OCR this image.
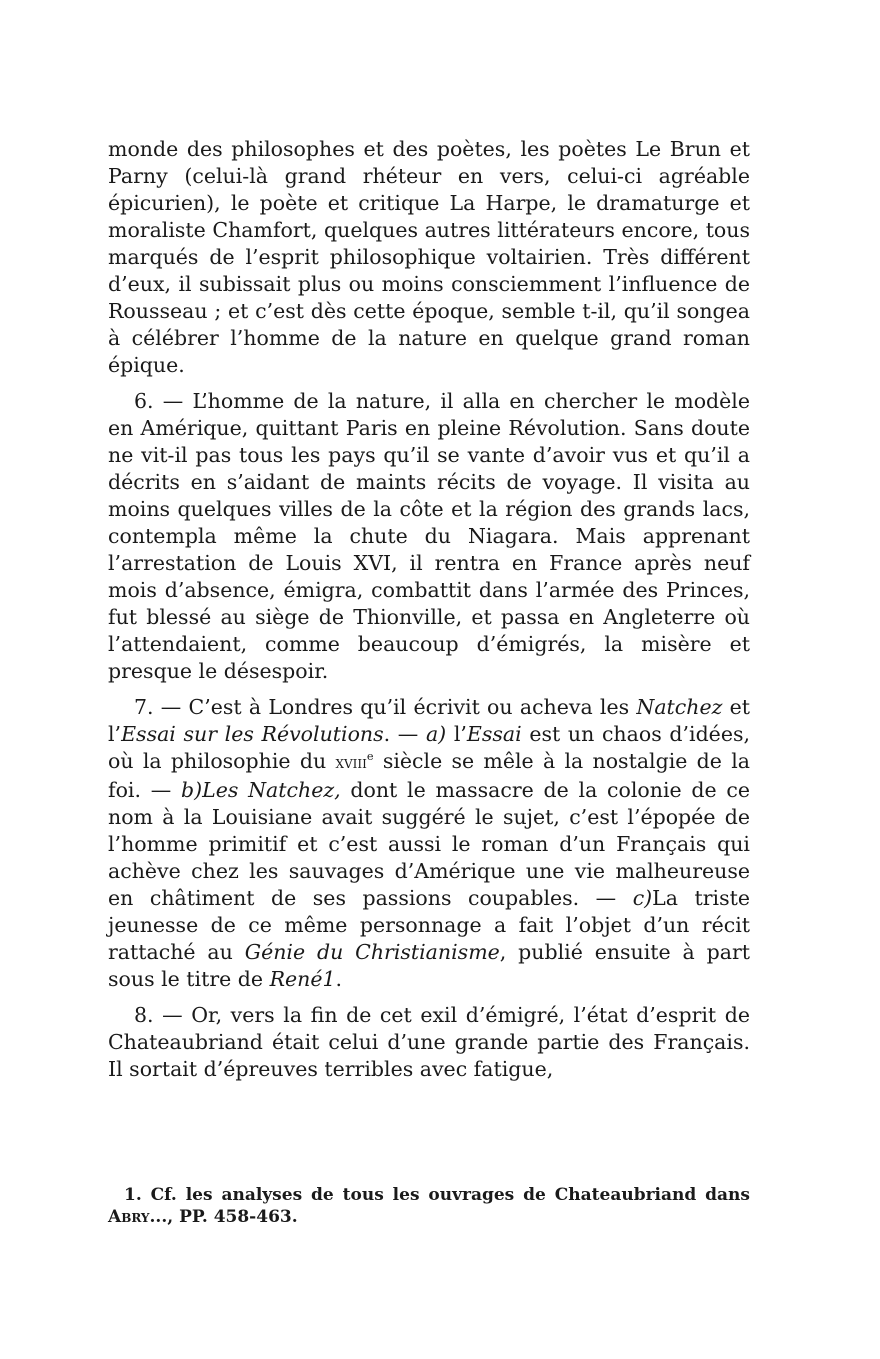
monde des philosophes et des poètes, les poètes Le Brun et Parny (celui-là grand rhéteur en vers, celui-ci agréable épicurien), le poète et critique La Harpe, le dramaturge et moraliste Chamfort, quelques autres littérateurs encore, tous marqués de l’esprit philosophique voltairien. Très différent d’eux, il subissait plus ou moins consciemment l’influence de Rousseau ; et c’est dès cette époque, semble t-il, qu’il songea à célébrer l’homme de la nature en quelque grand roman épique.

6. — L’homme de la nature, il alla en chercher le modèle en Amérique, quittant Paris en pleine Révolution. Sans doute ne vit-il pas tous les pays qu’il se vante d’avoir vus et qu’il a décrits en s’aidant de maints récits de voyage. Il visita au moins quelques villes de la côte et la région des grands lacs, contempla même la chute du Niagara. Mais apprenant l’arrestation de Louis XVI, il rentra en France après neuf mois d’absence, émigra, combattit dans l’armée des Princes, fut blessé au siège de Thionville, et passa en Angleterre où l’attendaient, comme beaucoup d’émigrés, la misère et presque le désespoir.

7. — C’est à Londres qu’il écrivit ou acheva les Natchez et l’Essai sur les Révolutions. — a) l’Essai est un chaos d’idées, où la philosophie du xviii$^e$ siècle se mêle à la nostalgie de la foi. — b)Les Natchez, dont le massacre de la colonie de ce nom à la Louisiane avait suggéré le sujet, c’est l’épopée de l’homme primitif et c’est aussi le roman d’un Français qui achève chez les sauvages d’Amérique une vie malheureuse en châtiment de ses passions coupables. — c)La triste jeunesse de ce même personnage a fait l’objet d’un récit rattaché au Génie du Christianisme, publié ensuite à part sous le titre de René1.

8. — Or, vers la fin de cet exil d’émigré, l’état d’esprit de Chateaubriand était celui d’une grande partie des Français. Il sortait d’épreuves terribles avec fatigue,

1. Cf. les analyses de tous les ouvrages de Chateaubriand dans Abry..., PP. 458-463.
